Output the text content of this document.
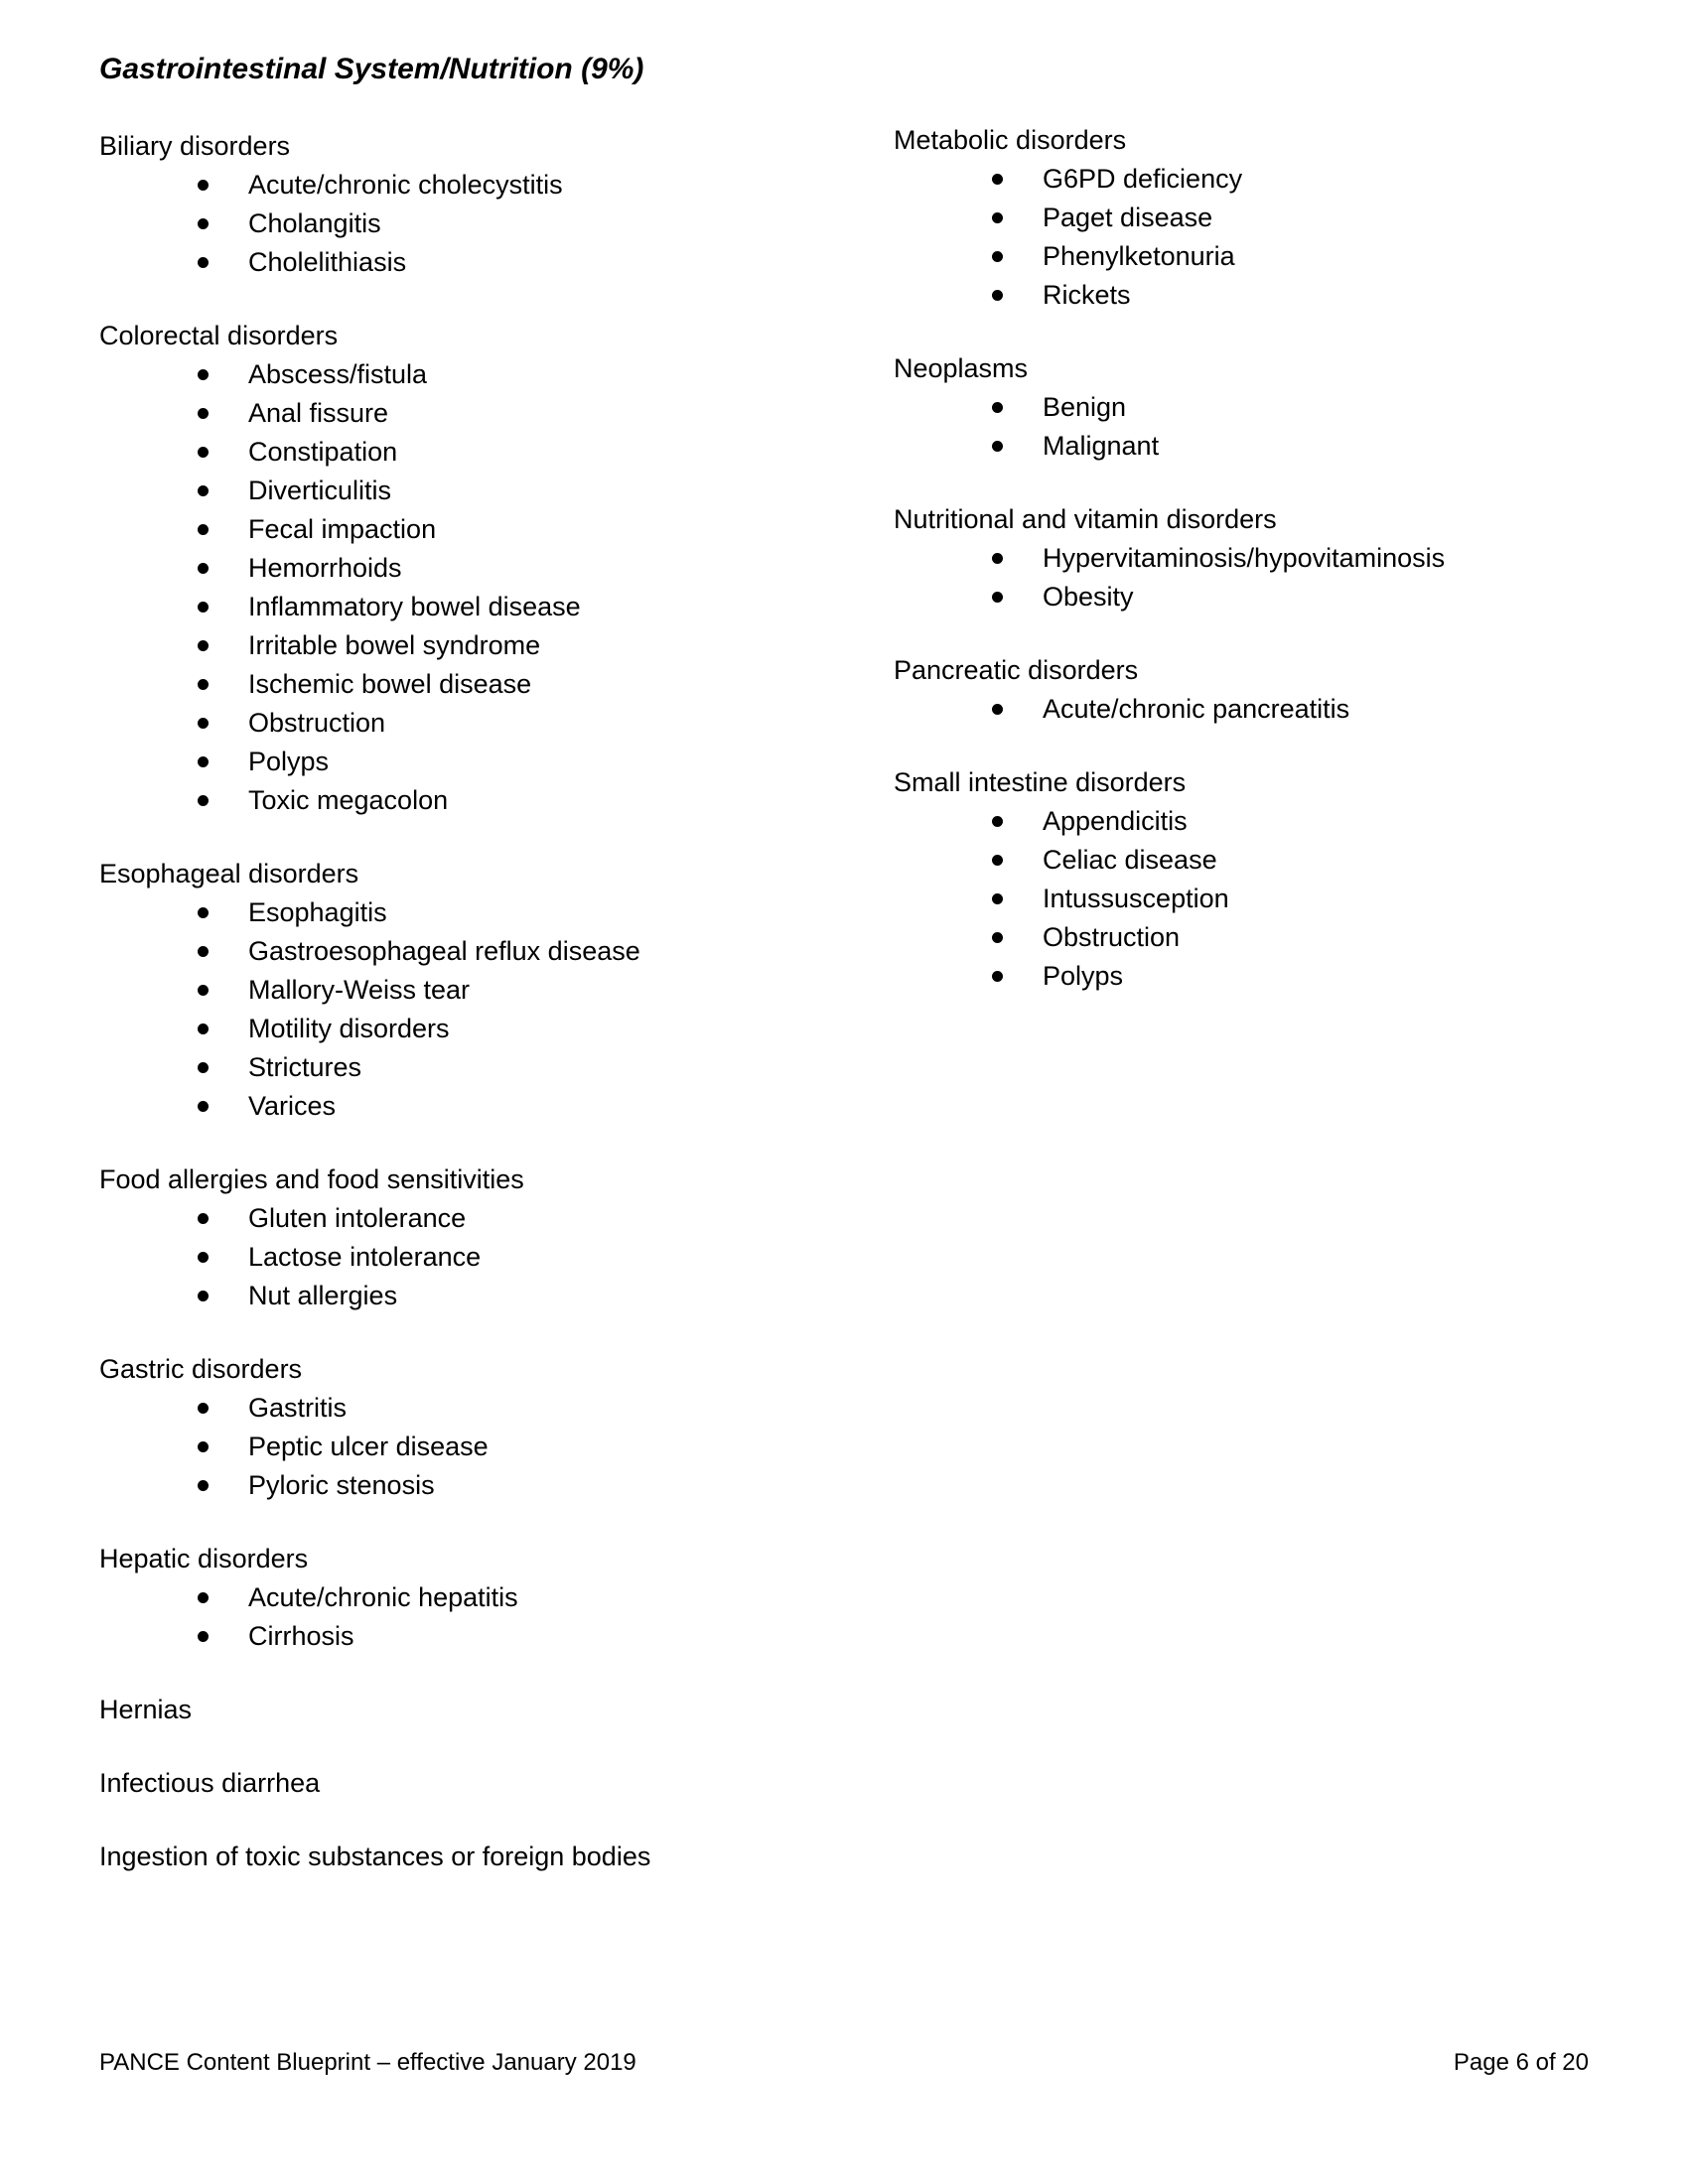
Gastrointestinal System/Nutrition (9%)
Biliary disorders
Acute/chronic cholecystitis
Cholangitis
Cholelithiasis
Colorectal disorders
Abscess/fistula
Anal fissure
Constipation
Diverticulitis
Fecal impaction
Hemorrhoids
Inflammatory bowel disease
Irritable bowel syndrome
Ischemic bowel disease
Obstruction
Polyps
Toxic megacolon
Esophageal disorders
Esophagitis
Gastroesophageal reflux disease
Mallory-Weiss tear
Motility disorders
Strictures
Varices
Food allergies and food sensitivities
Gluten intolerance
Lactose intolerance
Nut allergies
Gastric disorders
Gastritis
Peptic ulcer disease
Pyloric stenosis
Hepatic disorders
Acute/chronic hepatitis
Cirrhosis
Hernias
Infectious diarrhea
Ingestion of toxic substances or foreign bodies
Metabolic disorders
G6PD deficiency
Paget disease
Phenylketonuria
Rickets
Neoplasms
Benign
Malignant
Nutritional and vitamin disorders
Hypervitaminosis/hypovitaminosis
Obesity
Pancreatic disorders
Acute/chronic pancreatitis
Small intestine disorders
Appendicitis
Celiac disease
Intussusception
Obstruction
Polyps
PANCE Content Blueprint – effective January 2019	Page 6 of 20
